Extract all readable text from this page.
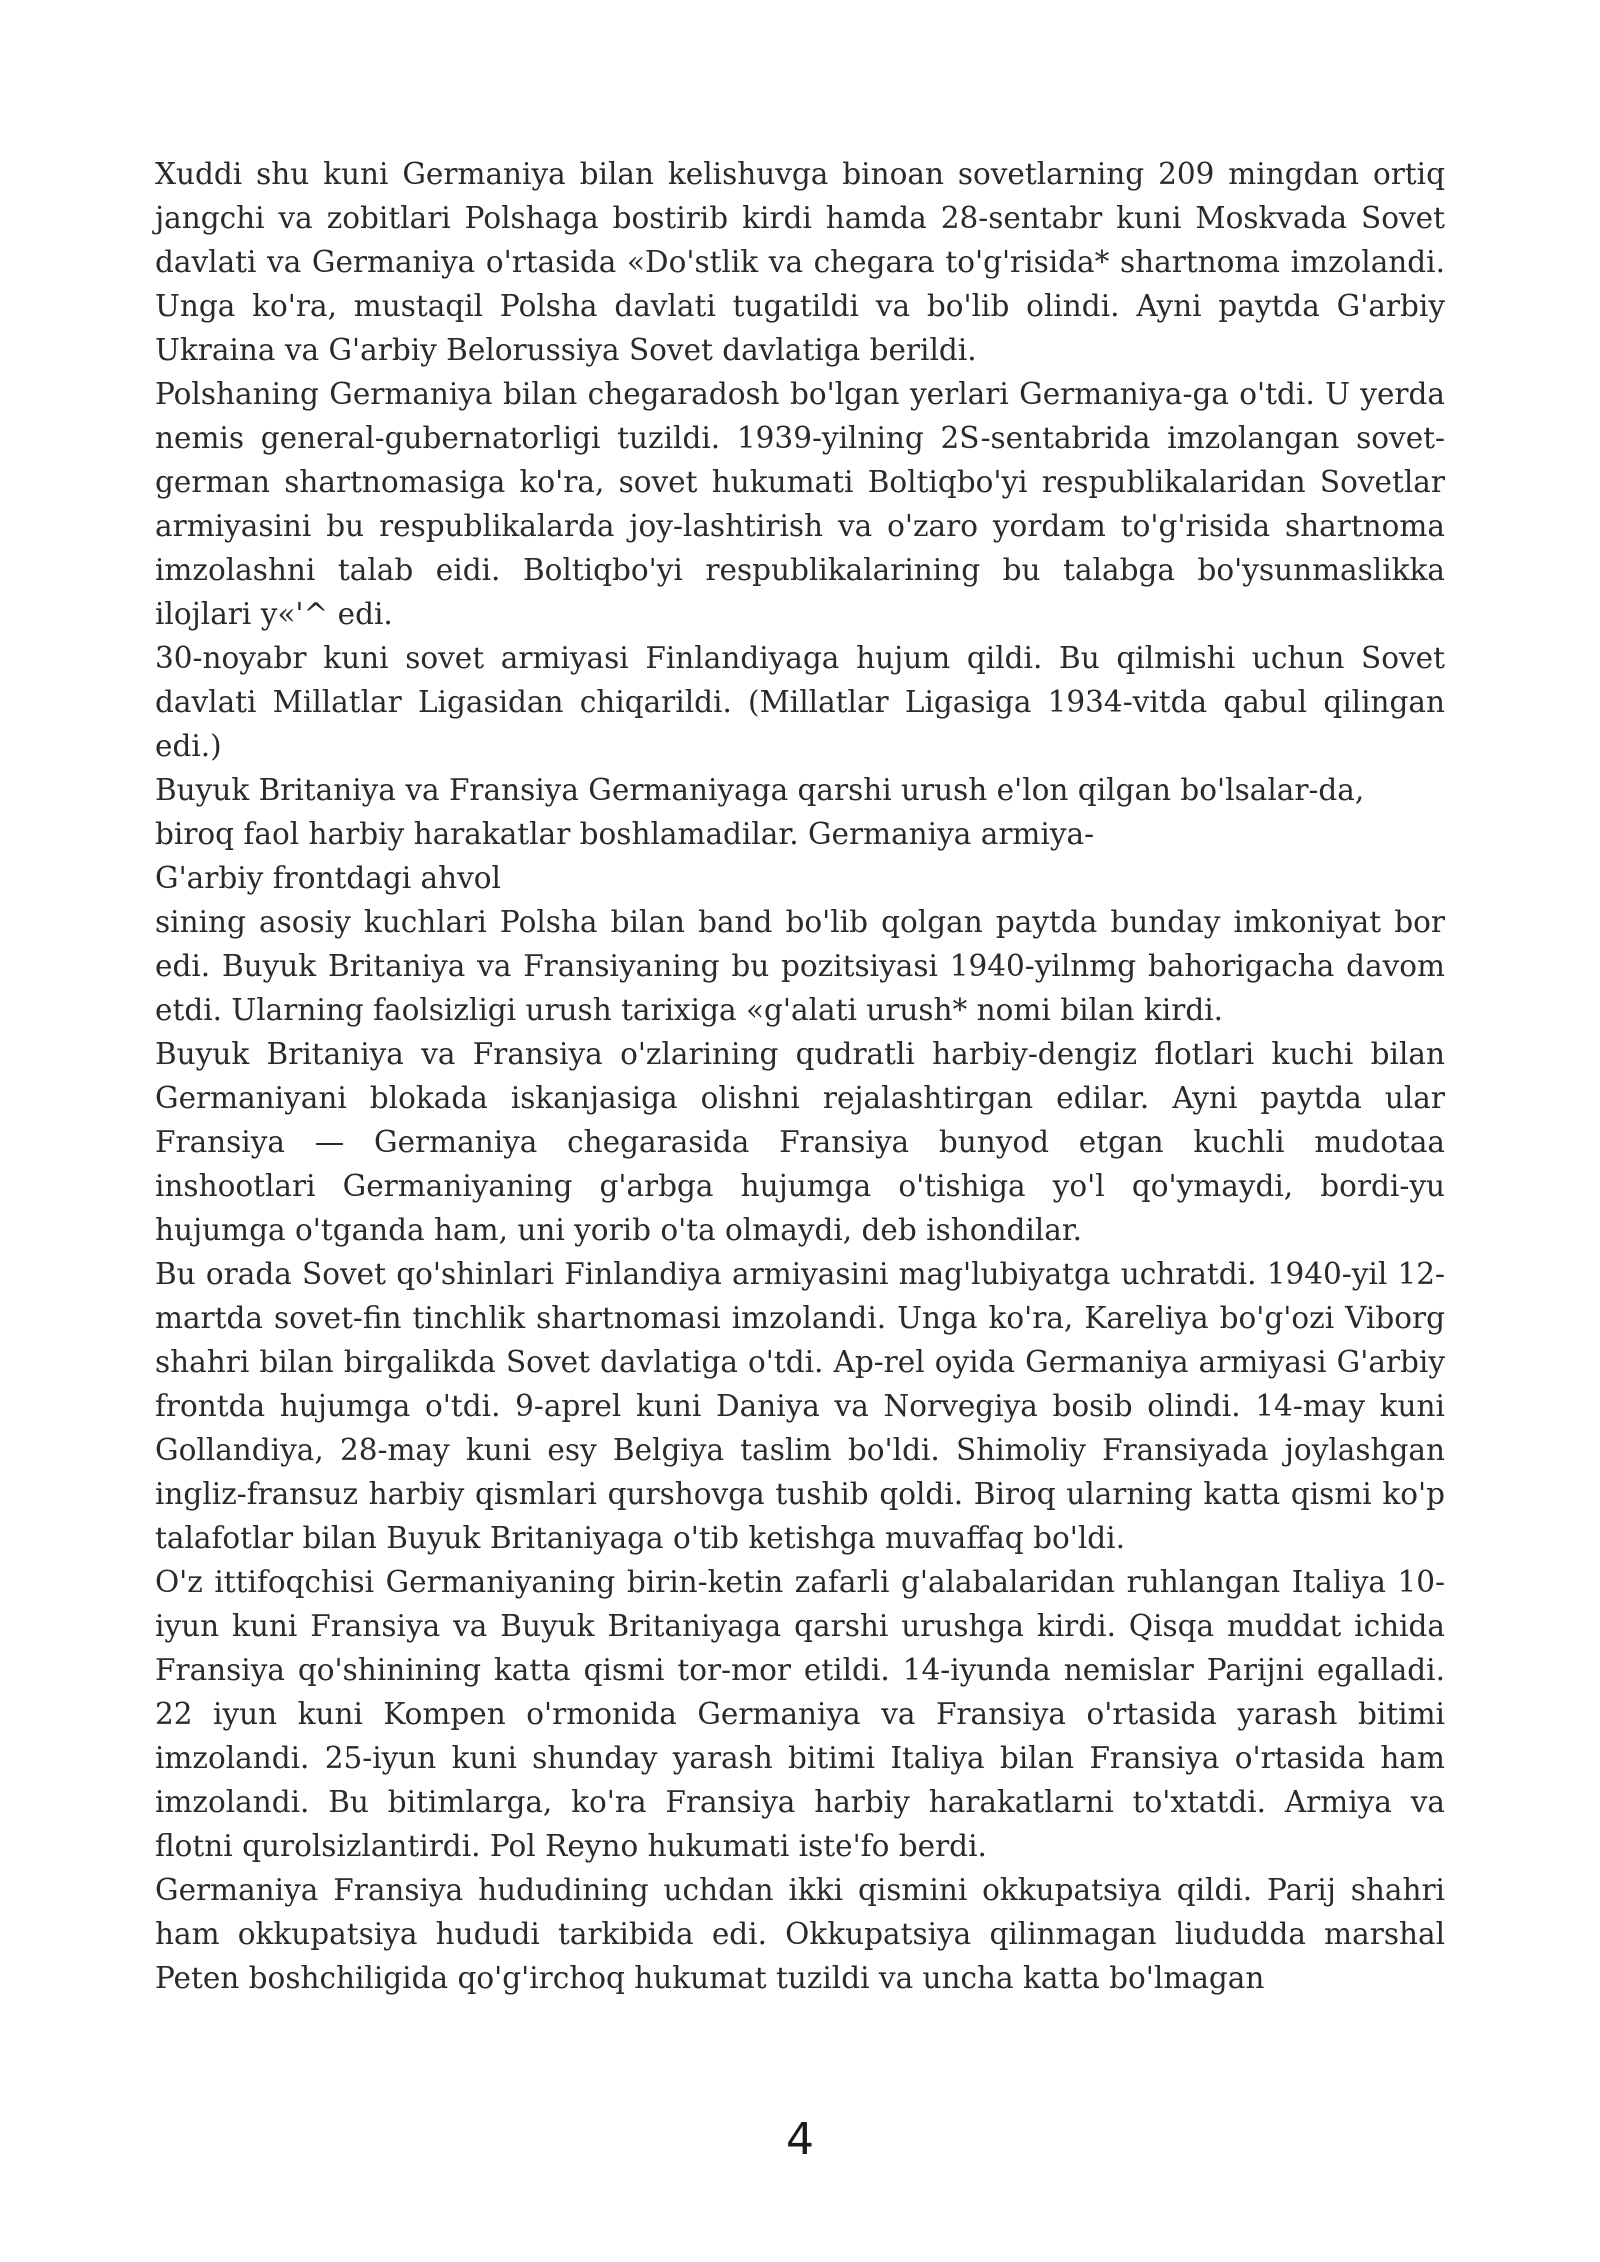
Xuddi shu kuni Germaniya bilan kelishuvga binoan sovetlarning 209 mingdan ortiq jangchi va zobitlari Polshaga bostirib kirdi hamda 28-sentabr kuni Moskvada Sovet davlati va Germaniya o'rtasida «Do'stlik va chegara to'g'risida* shartnoma imzolandi. Unga ko'ra, mustaqil Polsha davlati tugatildi va bo'lib olindi. Ayni paytda G'arbiy Ukraina va G'arbiy Belorussiya Sovet davlatiga berildi.

Polshaning Germaniya bilan chegaradosh bo'lgan yerlari Germaniya-ga o'tdi. U yerda nemis general-gubernatorligi tuzildi. 1939-yilning 2S-sentabrida imzolangan sovet-german shartnomasiga ko'ra, sovet hukumati Boltiqbo'yi respublikalaridan Sovetlar armiyasini bu respublikalarda joy-lashtirish va o'zaro yordam to'g'risida shartnoma imzolashni talab eidi. Boltiqbo'yi respublikalarining bu talabga bo'ysunmaslikka ilojlari y«'^ edi.

30-noyabr kuni sovet armiyasi Finlandiyaga hujum qildi. Bu qilmishi uchun Sovet davlati Millatlar Ligasidan chiqarildi. (Millatlar Ligasiga 1934-vitda qabul qilingan edi.)

Buyuk Britaniya va Fransiya Germaniyaga qarshi urush e'lon qilgan bo'lsalar-da, biroq faol harbiy harakatlar boshlamadilar. Germaniya armiya-

G'arbiy frontdagi ahvol

sining asosiy kuchlari Polsha bilan band bo'lib qolgan paytda bunday imkoniyat bor edi. Buyuk Britaniya va Fransiyaning bu pozitsiyasi 1940-yilnmg bahorigacha davom etdi. Ularning faolsizligi urush tarixiga «g'alati urush* nomi bilan kirdi.

Buyuk Britaniya va Fransiya o'zlarining qudratli harbiy-dengiz flotlari kuchi bilan Germaniyani blokada iskanjasiga olishni rejalashtirgan edilar. Ayni paytda ular Fransiya — Germaniya chegarasida Fransiya bunyod etgan kuchli mudotaa inshootlari Germaniyaning g'arbga hujumga o'tishiga yo'l qo'ymaydi, bordi-yu hujumga o'tganda ham, uni yorib o'ta olmaydi, deb ishondilar.

Bu orada Sovet qo'shinlari Finlandiya armiyasini mag'lubiyatga uchratdi. 1940-yil 12-martda sovet-fin tinchlik shartnomasi imzolandi. Unga ko'ra, Kareliya bo'g'ozi Viborg shahri bilan birgalikda Sovet davlatiga o'tdi. Ap-rel oyida Germaniya armiyasi G'arbiy frontda hujumga o'tdi. 9-aprel kuni Daniya va Norvegiya bosib olindi. 14-may kuni Gollandiya, 28-may kuni esy Belgiya taslim bo'ldi. Shimoliy Fransiyada joylashgan ingliz-fransuz harbiy qismlari qurshovga tushib qoldi. Biroq ularning katta qismi ko'p talafotlar bilan Buyuk Britaniyaga o'tib ketishga muvaffaq bo'ldi.

O'z ittifoqchisi Germaniyaning birin-ketin zafarli g'alabalaridan ruhlangan Italiya 10-iyun kuni Fransiya va Buyuk Britaniyaga qarshi urushga kirdi. Qisqa muddat ichida Fransiya qo'shinining katta qismi tor-mor etildi. 14-iyunda nemislar Parijni egalladi. 22 iyun kuni Kompen o'rmonida Germaniya va Fransiya o'rtasida yarash bitimi imzolandi. 25-iyun kuni shunday yarash bitimi Italiya bilan Fransiya o'rtasida ham imzolandi. Bu bitimlarga, ko'ra Fransiya harbiy harakatlarni to'xtatdi. Armiya va flotni qurolsizlantirdi. Pol Reyno hukumati iste'fo berdi.

Germaniya Fransiya hududining uchdan ikki qismini okkupatsiya qildi. Parij shahri ham okkupatsiya hududi tarkibida edi. Okkupatsiya qilinmagan liududda marshal Peten boshchiligida qo'g'irchoq hukumat tuzildi va uncha katta bo'lmagan

4
